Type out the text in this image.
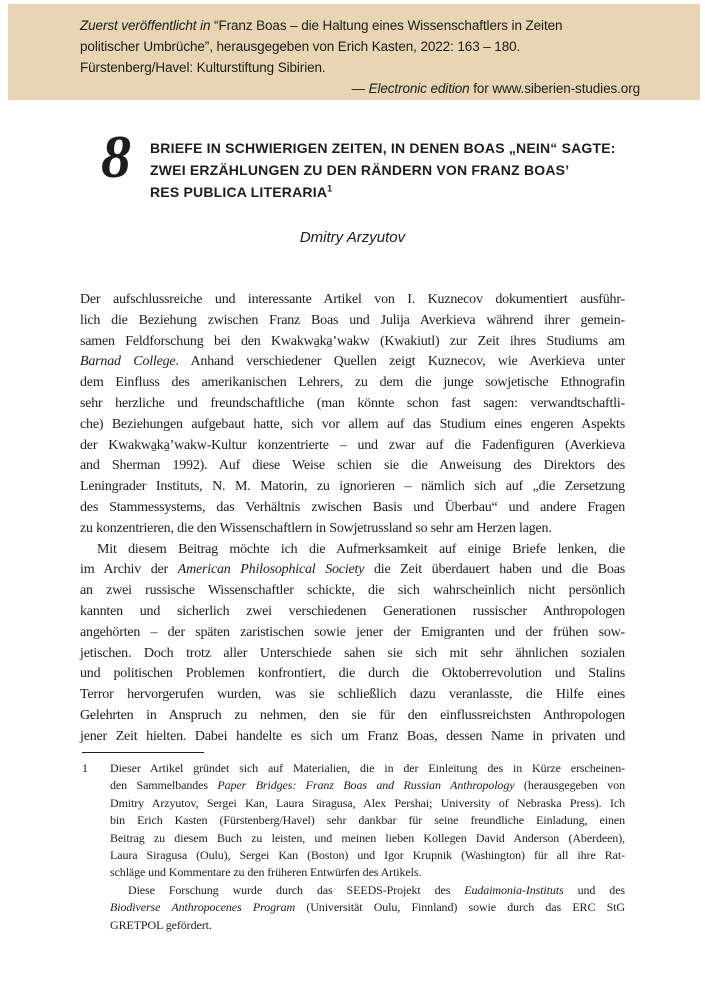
Zuerst veröffentlicht in “Franz Boas – die Haltung eines Wissenschaftlers in Zeiten
politischer Umbrüche”, herausgegeben von Erich Kasten, 2022: 163 – 180.
Fürstenberg/Havel: Kulturstiftung Sibirien.
— Electronic edition for www.siberien-studies.org
8 BRIEFE IN SCHWIERIGEN ZEITEN, IN DENEN BOAS „NEIN“ SAGTE:
ZWEI ERZÄHLUNGEN ZU DEN RÄNDERN VON FRANZ BOAS’
RES PUBLICA LITERARIA$^1$
Dmitry Arzyutov
Der aufschlussreiche und interessante Artikel von I. Kuznecov dokumentiert ausführ-
lich die Beziehung zwischen Franz Boas und Julija Averkieva während ihrer gemein-
samen Feldforschung bei den Kwakwa̱ka̱’wakw (Kwakiutl) zur Zeit ihres Studiums am
Barnad College. Anhand verschiedener Quellen zeigt Kuznecov, wie Averkieva unter
dem Einfluss des amerikanischen Lehrers, zu dem die junge sowjetische Ethnografin
sehr herzliche und freundschaftliche (man könnte schon fast sagen: verwandtschaftli-
che) Beziehungen aufgebaut hatte, sich vor allem auf das Studium eines engeren Aspekts
der Kwakwa̱ka̱’wakw-Kultur konzentrierte – und zwar auf die Fadenfiguren (Averkieva
and Sherman 1992). Auf diese Weise schien sie die Anweisung des Direktors des
Leningrader Instituts, N. M. Matorin, zu ignorieren – nämlich sich auf „die Zersetzung
des Stammessystems, das Verhältnis zwischen Basis und Überbau“ und andere Fragen
zu konzentrieren, die den Wissenschaftlern in Sowjetrussland so sehr am Herzen lagen.
Mit diesem Beitrag möchte ich die Aufmerksamkeit auf einige Briefe lenken, die
im Archiv der American Philosophical Society die Zeit überdauert haben und die Boas
an zwei russische Wissenschaftler schickte, die sich wahrscheinlich nicht persönlich
kannten und sicherlich zwei verschiedenen Generationen russischer Anthropologen
angehörten – der späten zaristischen sowie jener der Emigranten und der frühen sow-
jetischen. Doch trotz aller Unterschiede sahen sie sich mit sehr ähnlichen sozialen
und politischen Problemen konfrontiert, die durch die Oktoberrevolution und Stalins
Terror hervorgerufen wurden, was sie schließlich dazu veranlasste, die Hilfe eines
Gelehrten in Anspruch zu nehmen, den sie für den einflussreichsten Anthropologen
jener Zeit hielten. Dabei handelte es sich um Franz Boas, dessen Name in privaten und
1	Dieser Artikel gründet sich auf Materialien, die in der Einleitung des in Kürze erscheinen-
den Sammelbandes Paper Bridges: Franz Boas and Russian Anthropology (herausgegeben von
Dmitry Arzyutov, Sergei Kan, Laura Siragusa, Alex Pershai; University of Nebraska Press). Ich
bin Erich Kasten (Fürstenberg/Havel) sehr dankbar für seine freundliche Einladung, einen
Beitrag zu diesem Buch zu leisten, und meinen lieben Kollegen David Anderson (Aberdeen),
Laura Siragusa (Oulu), Sergei Kan (Boston) und Igor Krupnik (Washington) für all ihre Rat-
schläge und Kommentare zu den früheren Entwürfen des Artikels.
Diese Forschung wurde durch das SEEDS-Projekt des Eudaimonia-Instituts und des
Biodiverse Anthropocenes Program (Universität Oulu, Finnland) sowie durch das ERC StG
GRETPOL gefördert.
